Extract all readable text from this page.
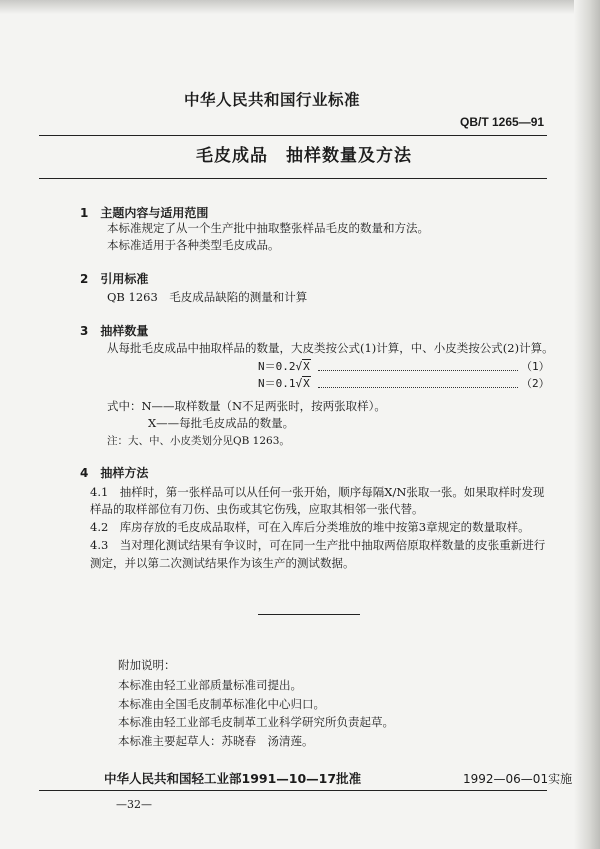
中华人民共和国行业标准
QB/T 1265—91
毛皮成品　抽样数量及方法
1　主题内容与适用范围
本标准规定了从一个生产批中抽取整张样品毛皮的数量和方法。
本标准适用于各种类型毛皮成品。
2　引用标准
QB 1263　毛皮成品缺陷的测量和计算
3　抽样数量
从每批毛皮成品中抽取样品的数量，大皮类按公式(1)计算，中、小皮类按公式(2)计算。
N＝0.2√X	（1）
N＝0.1√X	（2）
式中：N——取样数量（N不足两张时，按两张取样）。
X——每批毛皮成品的数量。
注：大、中、小皮类划分见QB 1263。
4　抽样方法
4.1　抽样时，第一张样品可以从任何一张开始，顺序每隔X/N张取一张。如果取样时发现
样品的取样部位有刀伤、虫伤或其它伤残，应取其相邻一张代替。
4.2　库房存放的毛皮成品取样，可在入库后分类堆放的堆中按第3章规定的数量取样。
4.3　当对理化测试结果有争议时，可在同一生产批中抽取两倍原取样数量的皮张重新进行
测定，并以第二次测试结果作为该生产的测试数据。
附加说明：
本标准由轻工业部质量标准司提出。
本标准由全国毛皮制革标准化中心归口。
本标准由轻工业部毛皮制革工业科学研究所负责起草。
本标准主要起草人：苏晓春　汤清莲。
中华人民共和国轻工业部1991—10—17批准	1992—06—01实施
—32—
